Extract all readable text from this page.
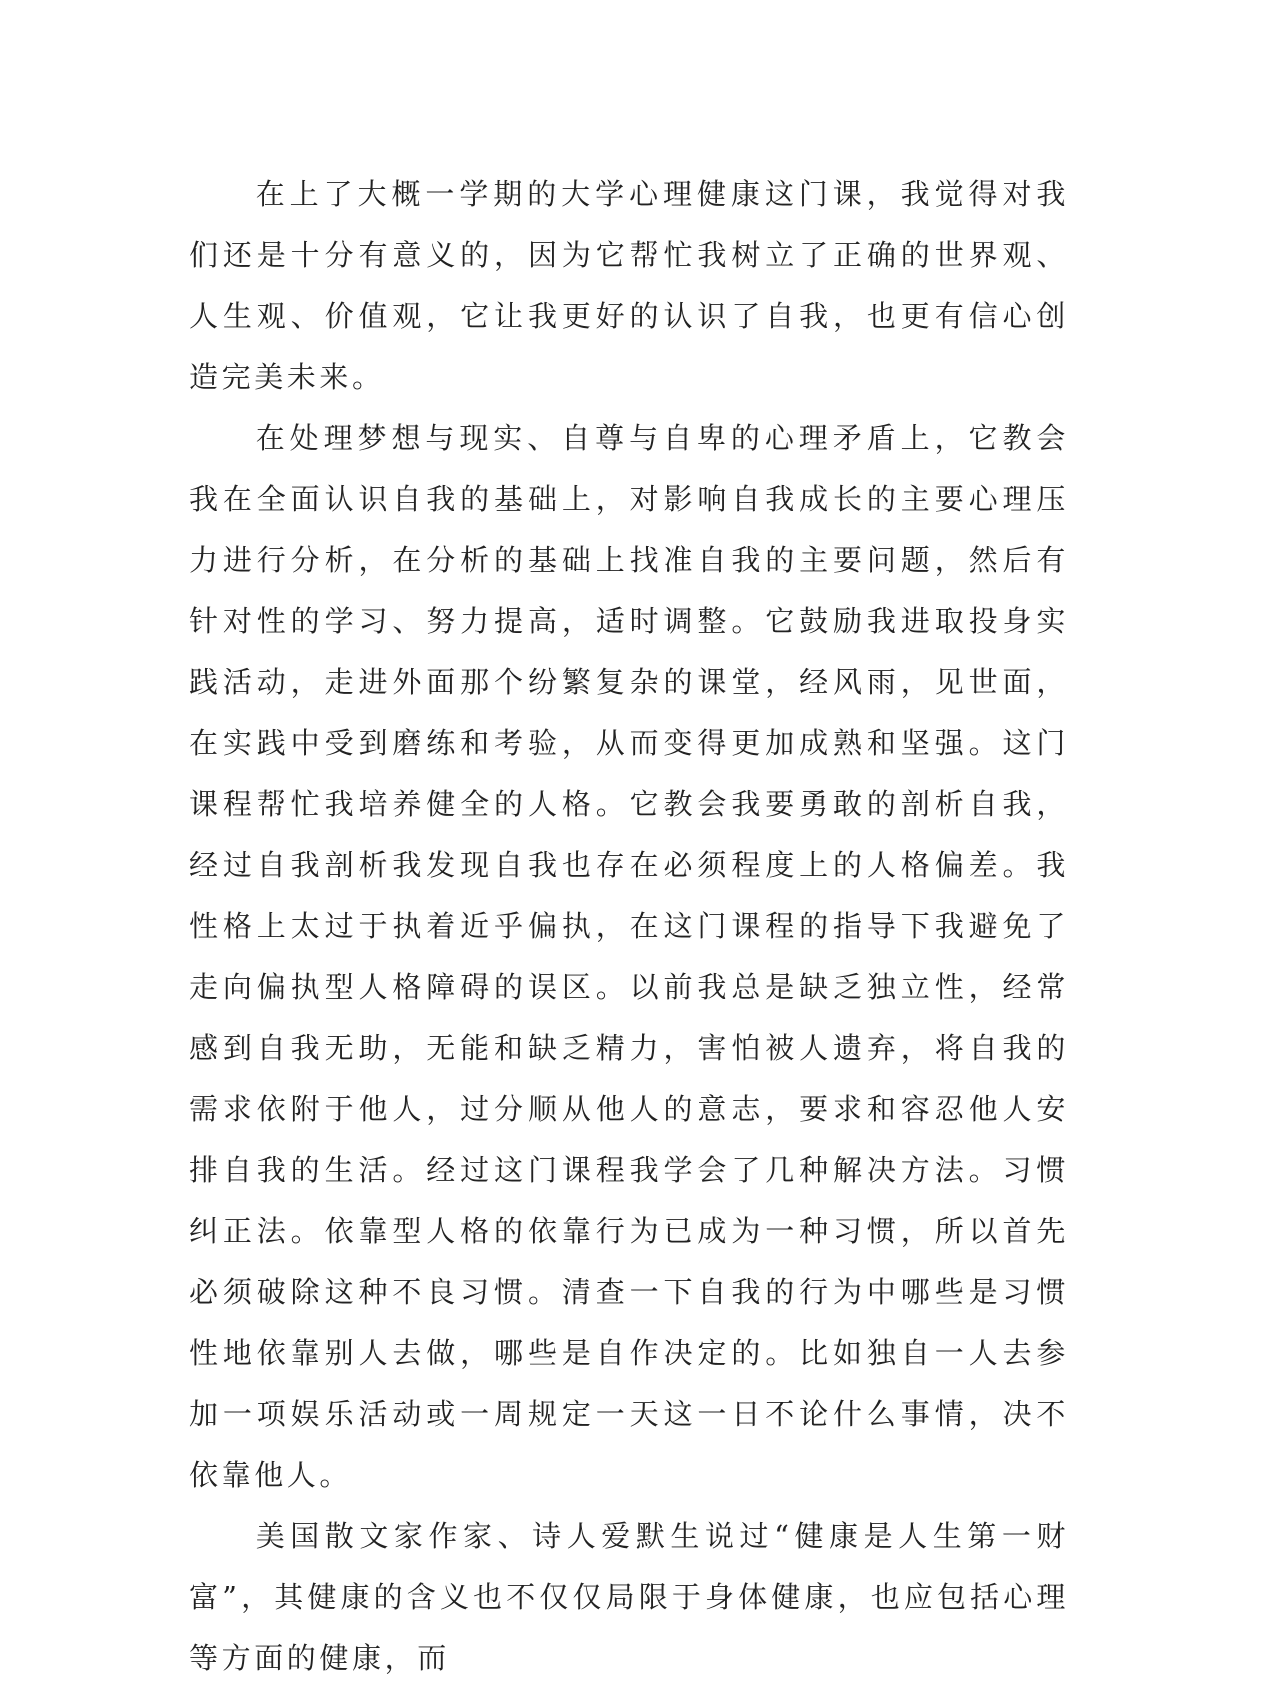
在上了大概一学期的大学心理健康这门课，我觉得对我们还是十分有意义的，因为它帮忙我树立了正确的世界观、人生观、价值观，它让我更好的认识了自我，也更有信心创造完美未来。

在处理梦想与现实、自尊与自卑的心理矛盾上，它教会我在全面认识自我的基础上，对影响自我成长的主要心理压力进行分析，在分析的基础上找准自我的主要问题，然后有针对性的学习、努力提高，适时调整。它鼓励我进取投身实践活动，走进外面那个纷繁复杂的课堂，经风雨，见世面，在实践中受到磨练和考验，从而变得更加成熟和坚强。这门课程帮忙我培养健全的人格。它教会我要勇敢的剖析自我，经过自我剖析我发现自我也存在必须程度上的人格偏差。我性格上太过于执着近乎偏执，在这门课程的指导下我避免了走向偏执型人格障碍的误区。以前我总是缺乏独立性，经常感到自我无助，无能和缺乏精力，害怕被人遗弃，将自我的需求依附于他人，过分顺从他人的意志，要求和容忍他人安排自我的生活。经过这门课程我学会了几种解决方法。习惯纠正法。依靠型人格的依靠行为已成为一种习惯，所以首先必须破除这种不良习惯。清查一下自我的行为中哪些是习惯性地依靠别人去做，哪些是自作决定的。比如独自一人去参加一项娱乐活动或一周规定一天这一日不论什么事情，决不依靠他人。

美国散文家作家、诗人爱默生说过“健康是人生第一财富”，其健康的含义也不仅仅局限于身体健康，也应包括心理等方面的健康，而
